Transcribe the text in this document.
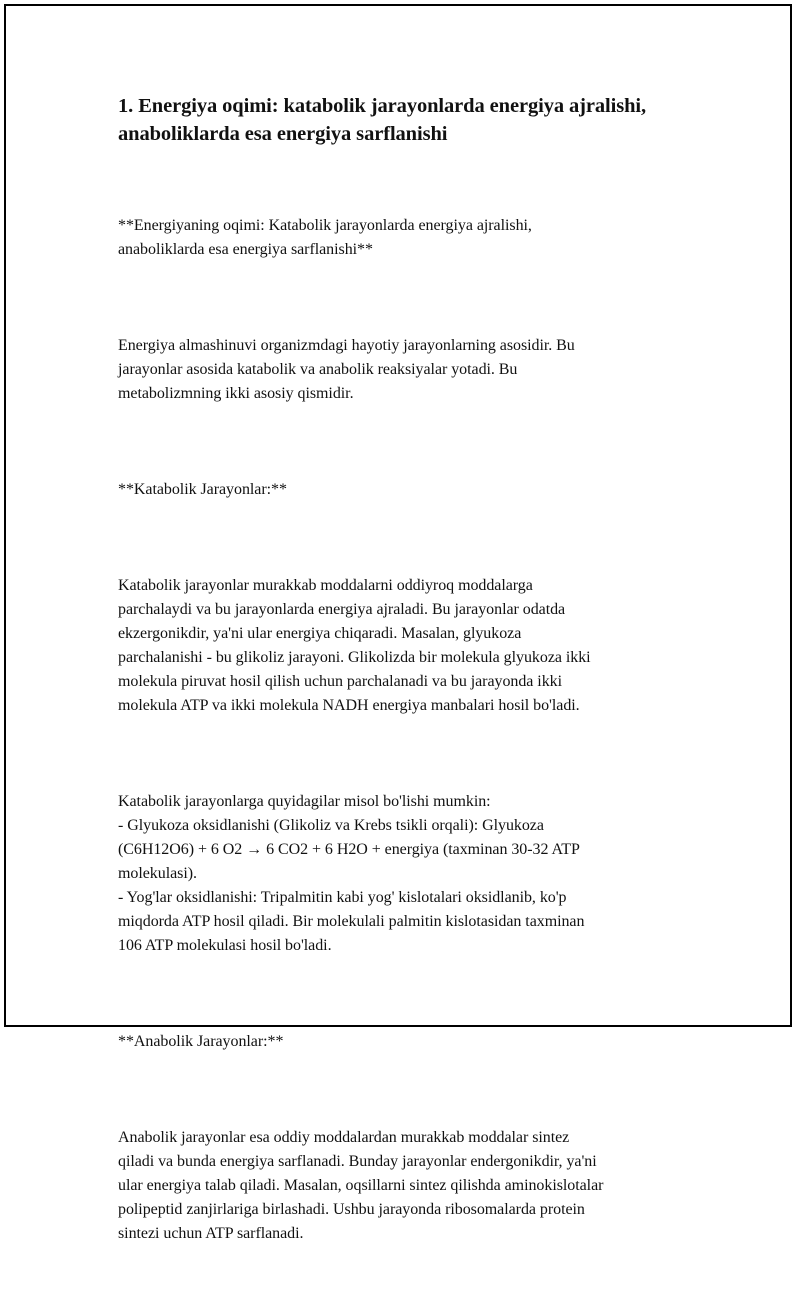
1. Energiya oqimi: katabolik jarayonlarda energiya ajralishi, anaboliklarda esa energiya sarflanishi

**Energiyaning oqimi: Katabolik jarayonlarda energiya ajralishi,
anaboliklarda esa energiya sarflanishi**

Energiya almashinuvi organizmdagi hayotiy jarayonlarning asosidir. Bu
jarayonlar asosida katabolik va anabolik reaksiyalar yotadi. Bu
metabolizmning ikki asosiy qismidir.

**Katabolik Jarayonlar:**

Katabolik jarayonlar murakkab moddalarni oddiyroq moddalarga
parchalaydi va bu jarayonlarda energiya ajraladi. Bu jarayonlar odatda
ekzergonikdir, ya'ni ular energiya chiqaradi. Masalan, glyukoza
parchalanishi - bu glikoliz jarayoni. Glikolizda bir molekula glyukoza ikki
molekula piruvat hosil qilish uchun parchalanadi va bu jarayonda ikki
molekula ATP va ikki molekula NADH energiya manbalari hosil bo'ladi.

Katabolik jarayonlarga quyidagilar misol bo'lishi mumkin:
- Glyukoza oksidlanishi (Glikoliz va Krebs tsikli orqali): Glyukoza
(C6H12O6) + 6 O2 → 6 CO2 + 6 H2O + energiya (taxminan 30-32 ATP
molekulasi).
- Yog'lar oksidlanishi: Tripalmitin kabi yog' kislotalari oksidlanib, ko'p
miqdorda ATP hosil qiladi. Bir molekulali palmitin kislotasidan taxminan
106 ATP molekulasi hosil bo'ladi.

**Anabolik Jarayonlar:**

Anabolik jarayonlar esa oddiy moddalardan murakkab moddalar sintez
qiladi va bunda energiya sarflanadi. Bunday jarayonlar endergonikdir, ya'ni
ular energiya talab qiladi. Masalan, oqsillarni sintez qilishda aminokislotalar
polipeptid zanjirlariga birlashadi. Ushbu jarayonda ribosomalarda protein
sintezi uchun ATP sarflanadi.
